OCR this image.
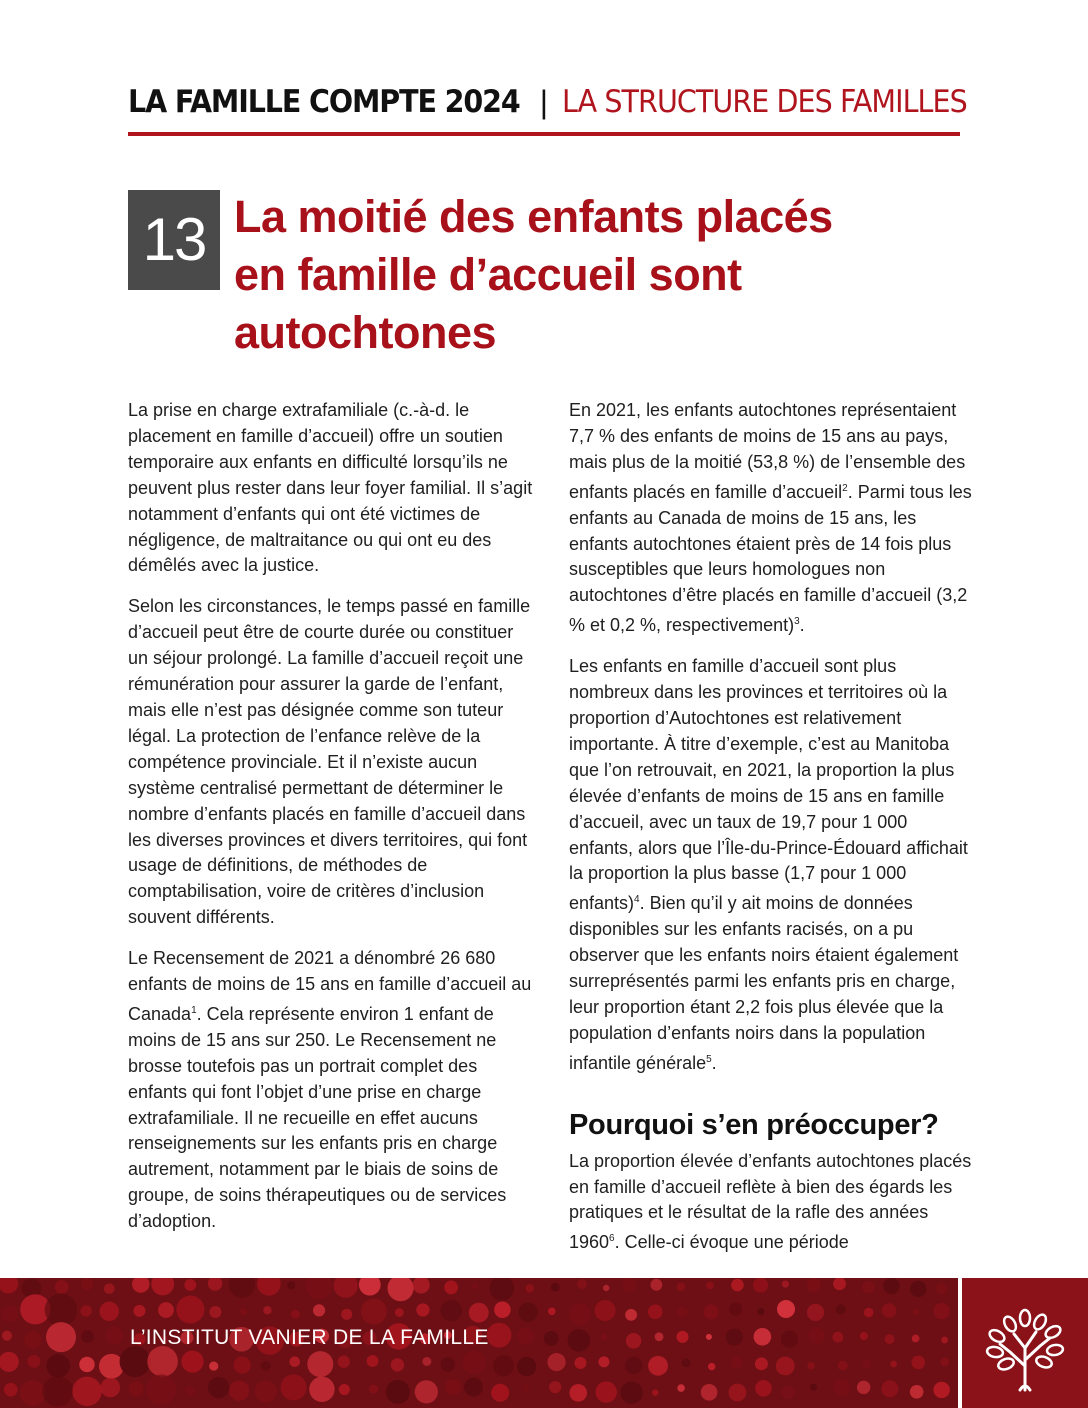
LA FAMILLE COMPTE 2024 | LA STRUCTURE DES FAMILLES
13 La moitié des enfants placés en famille d’accueil sont autochtones

La prise en charge extrafamiliale (c.-à-d. le placement en famille d’accueil) offre un soutien temporaire aux enfants en difficulté lorsqu’ils ne peuvent plus rester dans leur foyer familial. Il s’agit notamment d’enfants qui ont été victimes de négligence, de maltraitance ou qui ont eu des démêlés avec la justice.

Selon les circonstances, le temps passé en famille d’accueil peut être de courte durée ou constituer un séjour prolongé. La famille d’accueil reçoit une rémunération pour assurer la garde de l’enfant, mais elle n’est pas désignée comme son tuteur légal. La protection de l’enfance relève de la compétence provinciale. Et il n’existe aucun système centralisé permettant de déterminer le nombre d’enfants placés en famille d’accueil dans les diverses provinces et divers territoires, qui font usage de définitions, de méthodes de comptabilisation, voire de critères d’inclusion souvent différents.

Le Recensement de 2021 a dénombré 26 680 enfants de moins de 15 ans en famille d’accueil au Canada$^1$. Cela représente environ 1 enfant de moins de 15 ans sur 250. Le Recensement ne brosse toutefois pas un portrait complet des enfants qui font l’objet d’une prise en charge extrafamiliale. Il ne recueille en effet aucuns renseignements sur les enfants pris en charge autrement, notamment par le biais de soins de groupe, de soins thérapeutiques ou de services d’adoption.

En 2021, les enfants autochtones représentaient 7,7 % des enfants de moins de 15 ans au pays, mais plus de la moitié (53,8 %) de l’ensemble des enfants placés en famille d’accueil$^2$. Parmi tous les enfants au Canada de moins de 15 ans, les enfants autochtones étaient près de 14 fois plus susceptibles que leurs homologues non autochtones d’être placés en famille d’accueil (3,2 % et 0,2 %, respectivement)$^3$.

Les enfants en famille d’accueil sont plus nombreux dans les provinces et territoires où la proportion d’Autochtones est relativement importante. À titre d’exemple, c’est au Manitoba que l’on retrouvait, en 2021, la proportion la plus élevée d’enfants de moins de 15 ans en famille d’accueil, avec un taux de 19,7 pour 1 000 enfants, alors que l’Île-du-Prince-Édouard affichait la proportion la plus basse (1,7 pour 1 000 enfants)$^4$. Bien qu’il y ait moins de données disponibles sur les enfants racisés, on a pu observer que les enfants noirs étaient également surreprésentés parmi les enfants pris en charge, leur proportion étant 2,2 fois plus élevée que la population d’enfants noirs dans la population infantile générale$^5$.

Pourquoi s’en préoccuper?

La proportion élevée d’enfants autochtones placés en famille d’accueil reflète à bien des égards les pratiques et le résultat de la rafle des années 1960$^6$. Celle-ci évoque une période

L’INSTITUT VANIER DE LA FAMILLE
